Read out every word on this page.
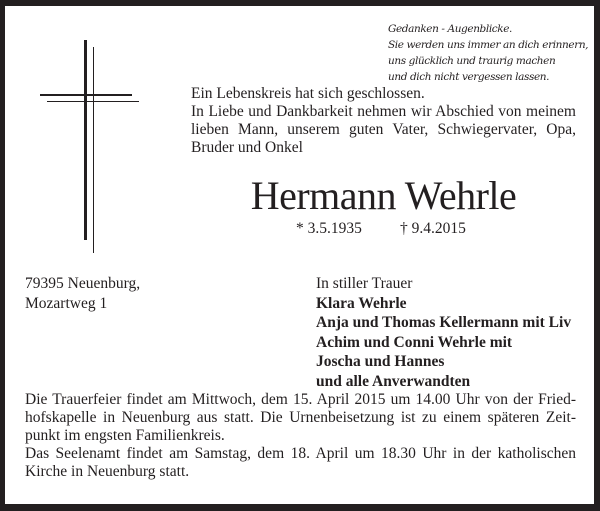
Gedanken - Augenblicke.
Sie werden uns immer an dich erinnern,
uns glücklich und traurig machen
und dich nicht vergessen lassen.
Ein Lebenskreis hat sich geschlossen.
In Liebe und Dankbarkeit nehmen wir Abschied von meinem
lieben Mann, unserem guten Vater, Schwiegervater, Opa,
Bruder und Onkel
Hermann Wehrle
* 3.5.1935 † 9.4.2015
79395 Neuenburg,
Mozartweg 1
In stiller Trauer
Klara Wehrle
Anja und Thomas Kellermann mit Liv
Achim und Conni Wehrle mit
Joscha und Hannes
und alle Anverwandten
Die Trauerfeier findet am Mittwoch, dem 15. April 2015 um 14.00 Uhr von der Fried-
hofskapelle in Neuenburg aus statt. Die Urnenbeisetzung ist zu einem späteren Zeit-
punkt im engsten Familienkreis.
Das Seelenamt findet am Samstag, dem 18. April um 18.30 Uhr in der katholischen
Kirche in Neuenburg statt.
